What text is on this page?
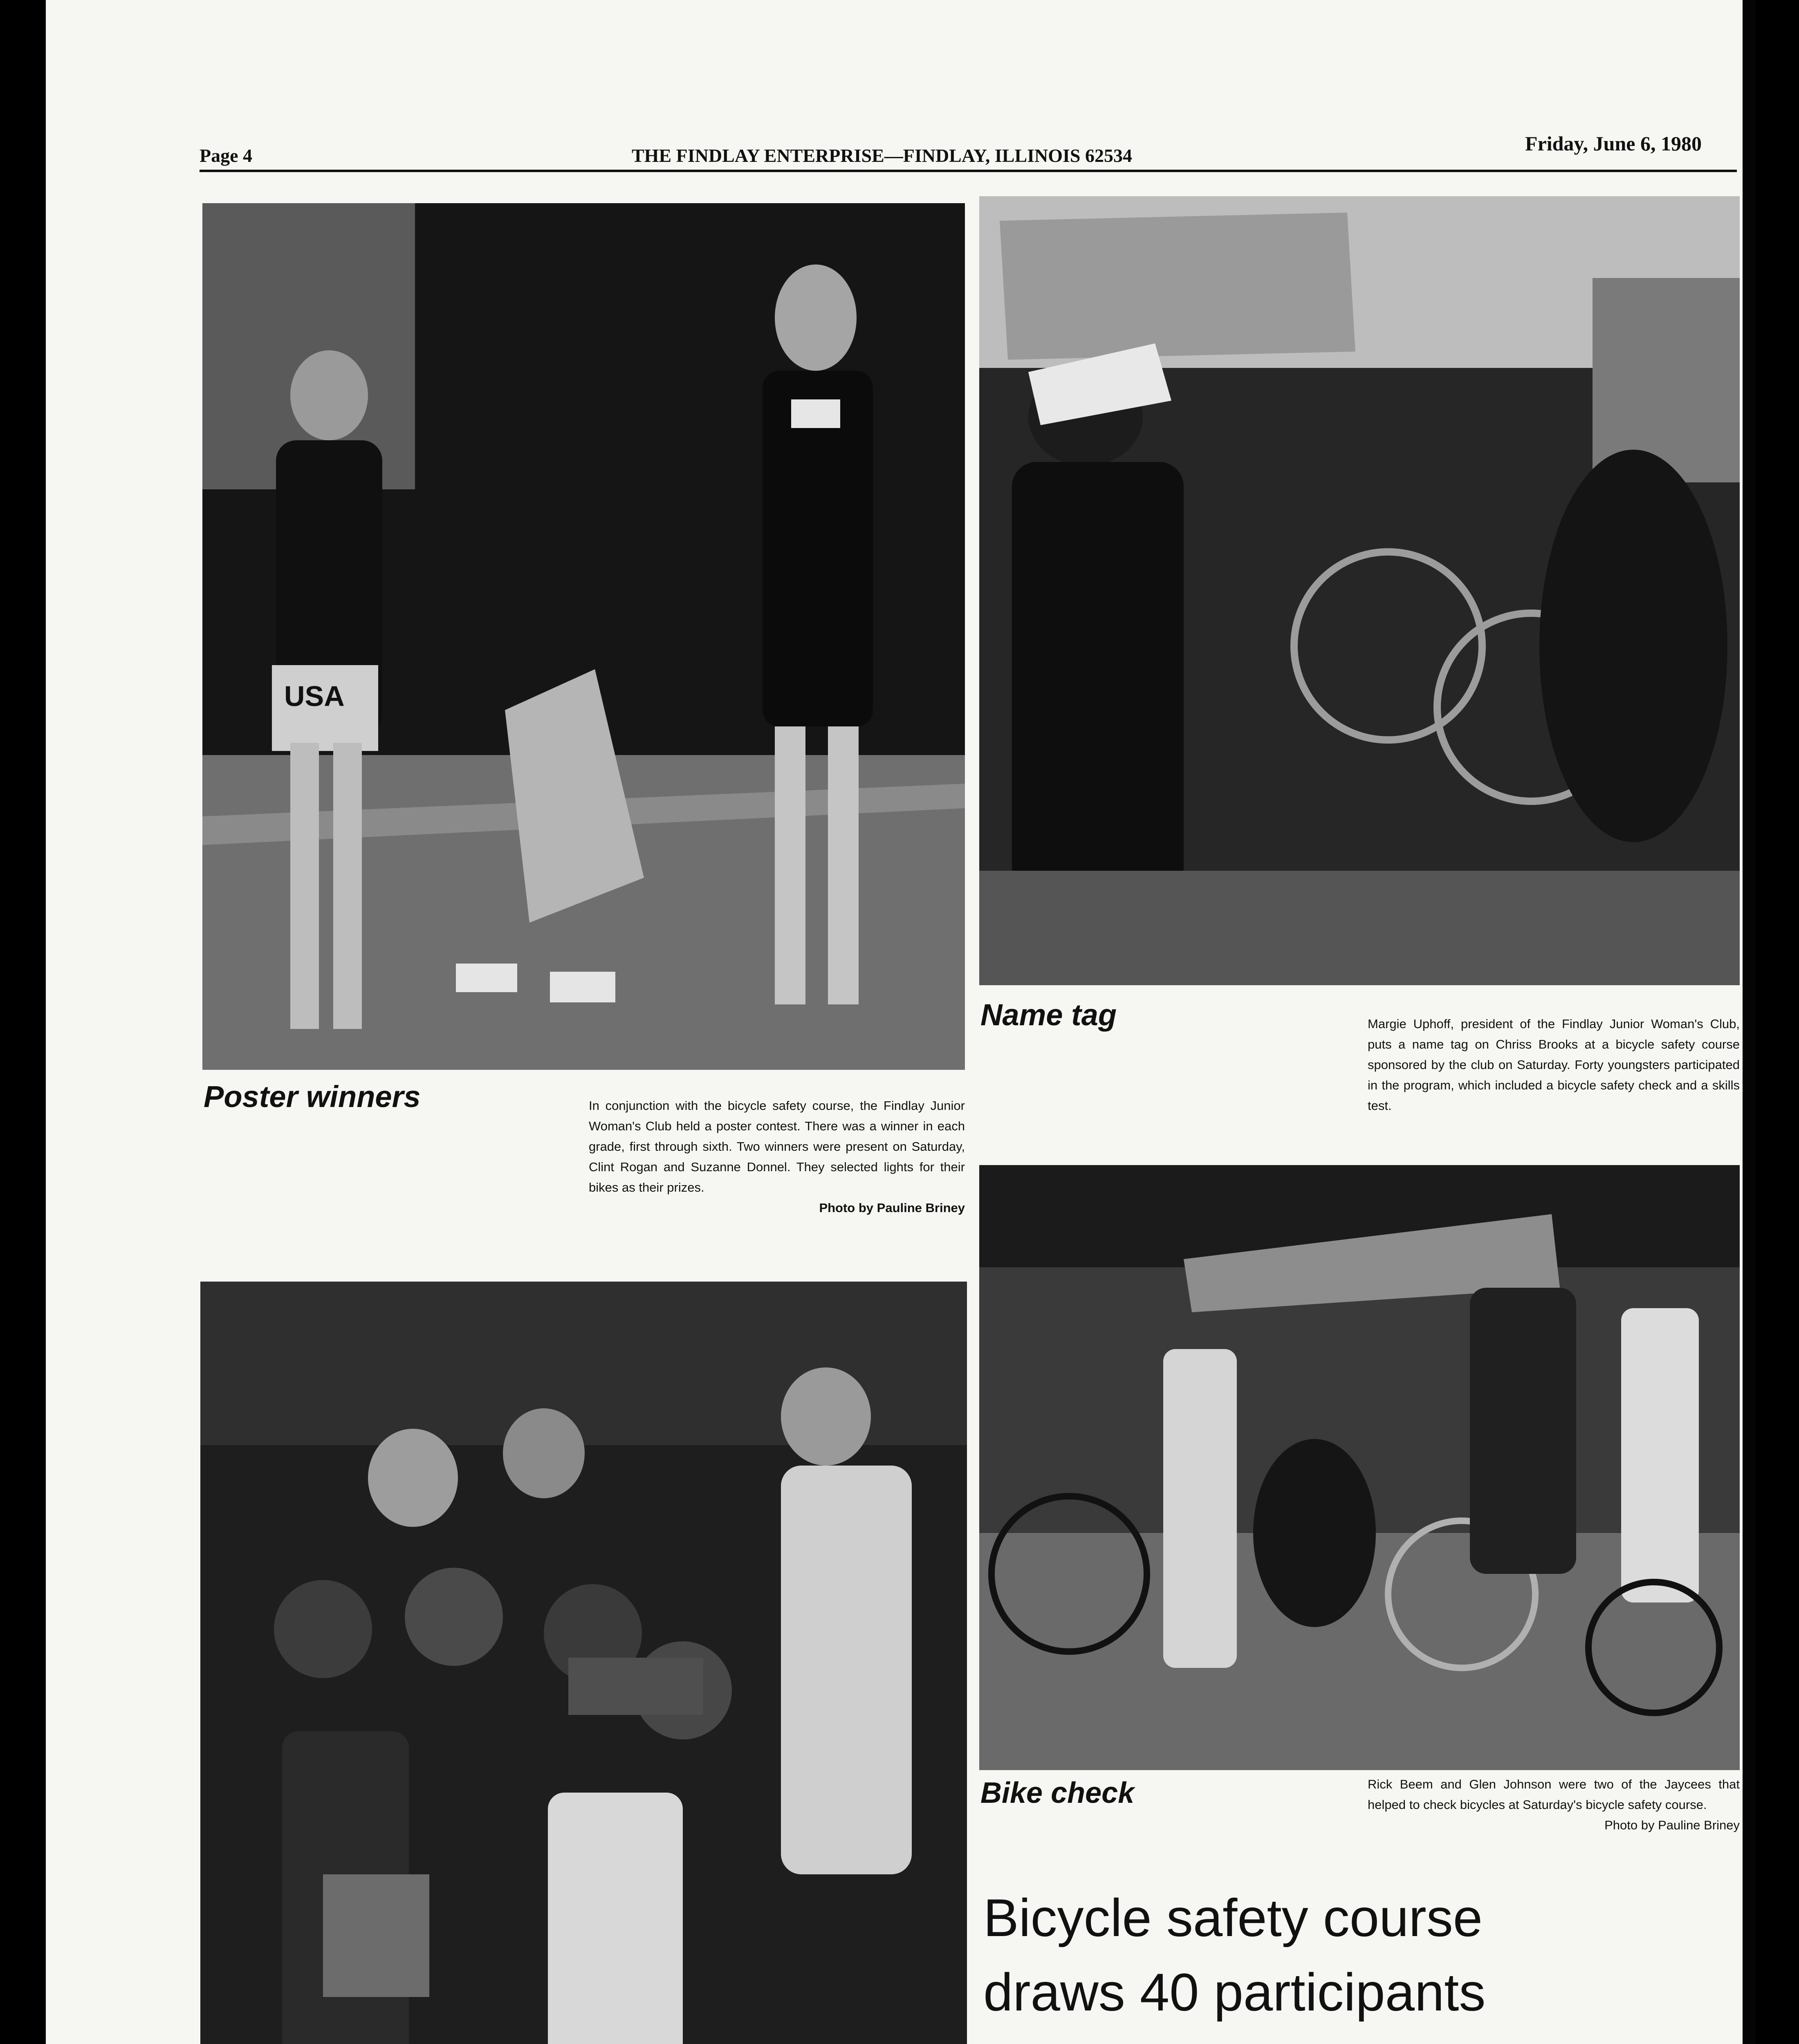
Page 4	THE FINDLAY ENTERPRISE—FINDLAY, ILLINOIS 62534
Friday, June 6, 1980
USA
Poster winners	In conjunction with the bicycle safety course, the Findlay Junior Woman's Club held a poster contest. There was a winner in each grade, first through sixth. Two winners were present on Saturday, Clint Rogan and Suzanne Donnel. They selected lights for their bikes as their prizes.
Photo by Pauline Briney
Name tag	Margie Uphoff, president of the Findlay Junior Woman's Club, puts a name tag on Chriss Brooks at a bicycle safety course sponsored by the club on Saturday. Forty youngsters participated in the program, which included a bicycle safety check and a skills test.
Bike check	Rick Beem and Glen Johnson were two of the Jaycees that helped to check bicycles at Saturday's bicycle safety course.
Photo by Pauline Briney
Bicycle safety course
draws 40 participants
